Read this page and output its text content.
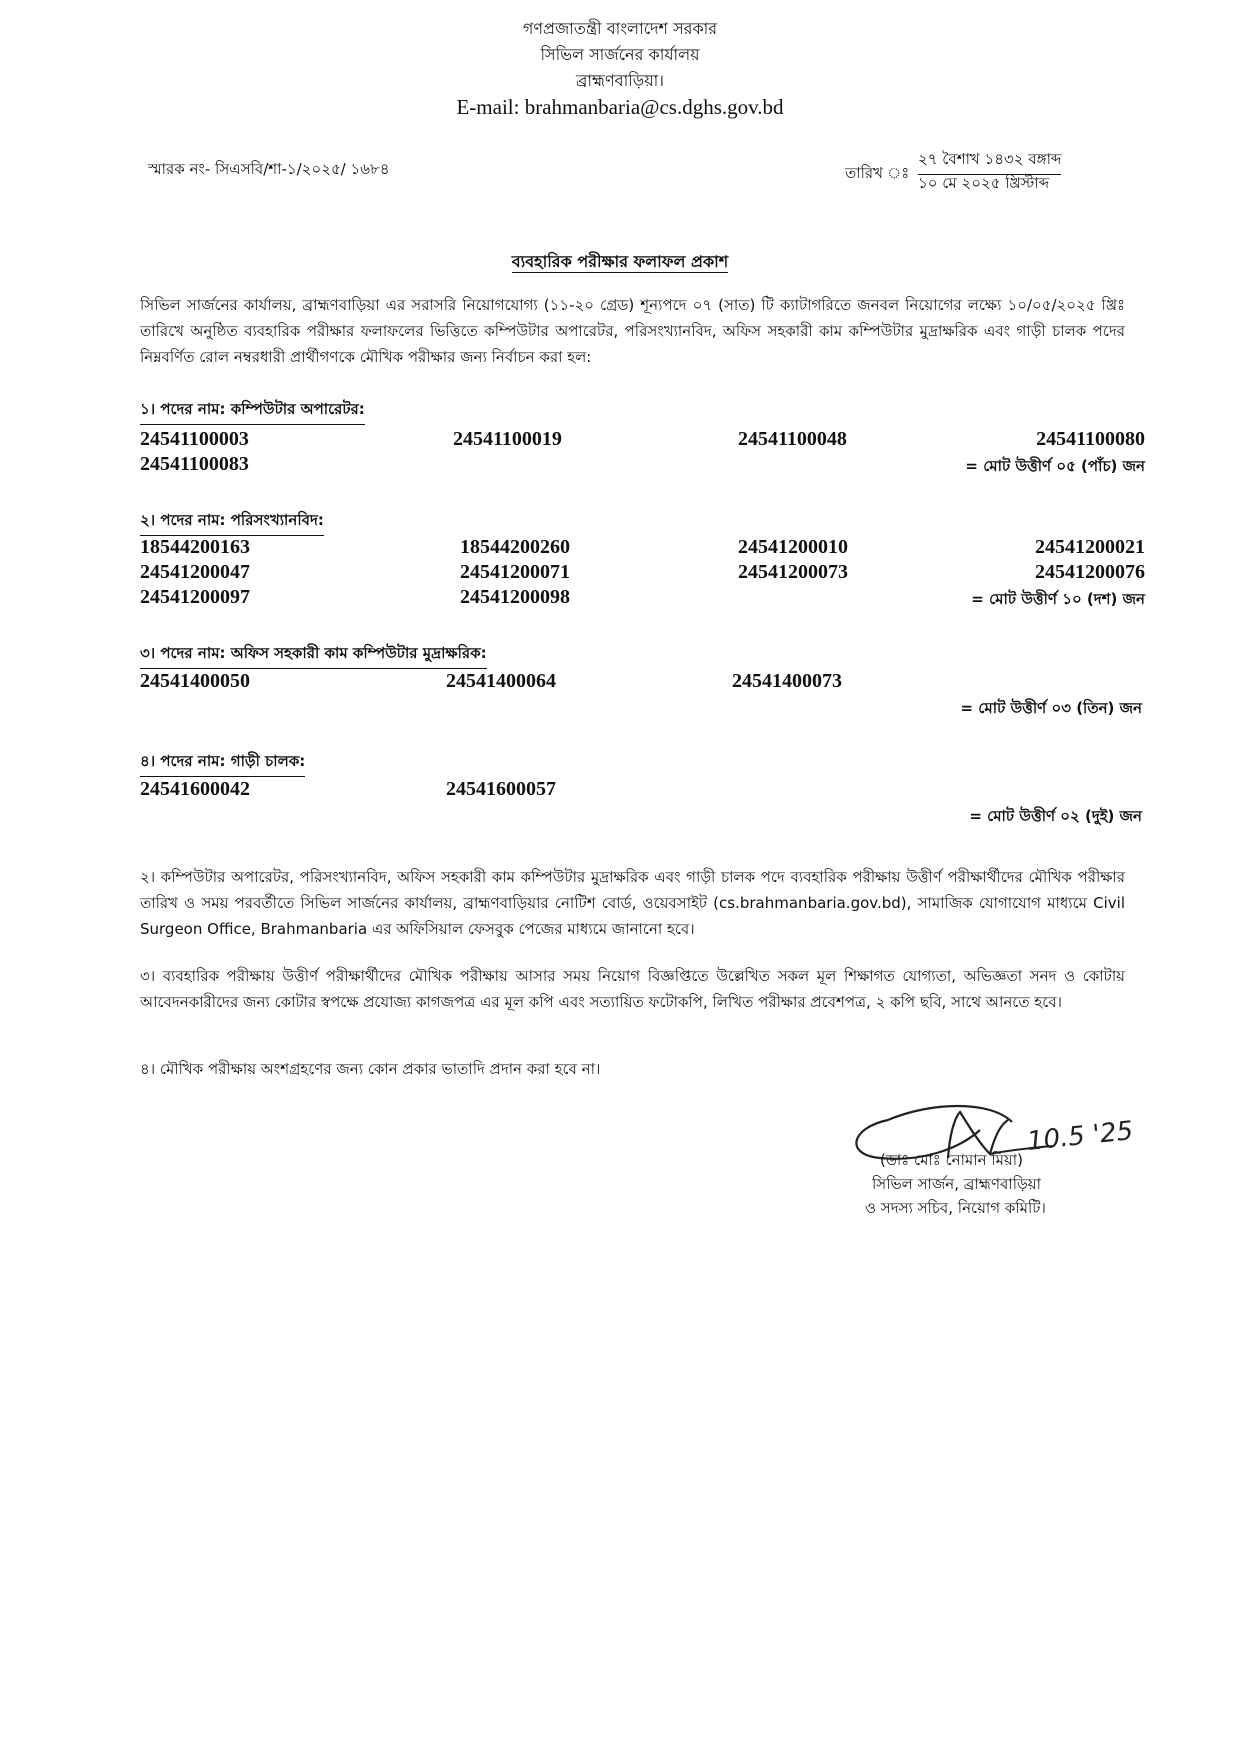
গণপ্রজাতন্ত্রী বাংলাদেশ সরকার
সিভিল সার্জনের কার্যালয়
ব্রাহ্মণবাড়িয়া।
E-mail: brahmanbaria@cs.dghs.gov.bd
স্মারক নং- সিএসবি/শা-১/২০২৫/ ১৬৮৪	তারিখ ঃ
২৭ বৈশাখ ১৪৩২ বঙ্গাব্দ
১০ মে ২০২৫ খ্রিস্টাব্দ
ব্যবহারিক পরীক্ষার ফলাফল প্রকাশ
সিভিল সার্জনের কার্যালয়, ব্রাহ্মণবাড়িয়া এর সরাসরি নিয়োগযোগ্য (১১-২০ গ্রেড) শূন্যপদে ০৭ (সাত) টি ক্যাটাগরিতে জনবল নিয়োগের লক্ষ্যে ১০/০৫/২০২৫ খ্রিঃ তারিখে অনুষ্ঠিত ব্যবহারিক পরীক্ষার ফলাফলের ভিত্তিতে কম্পিউটার অপারেটর, পরিসংখ্যানবিদ, অফিস সহকারী কাম কম্পিউটার মুদ্রাক্ষরিক এবং গাড়ী চালক পদের নিম্নবর্ণিত রোল নম্বরধারী প্রার্থীগণকে মৌখিক পরীক্ষার জন্য নির্বাচন করা হল:
১। পদের নাম: কম্পিউটার অপারেটর:
24541100003	24541100019	24541100048	24541100080
24541100083	= মোট উত্তীর্ণ ০৫ (পাঁচ) জন
২। পদের নাম: পরিসংখ্যানবিদ:
18544200163	18544200260	24541200010	24541200021
24541200047	24541200071	24541200073	24541200076
24541200097	24541200098	= মোট উত্তীর্ণ ১০ (দশ) জন
৩। পদের নাম: অফিস সহকারী কাম কম্পিউটার মুদ্রাক্ষরিক:
24541400050	24541400064	24541400073
= মোট উত্তীর্ণ ০৩ (তিন) জন
৪। পদের নাম: গাড়ী চালক:
24541600042	24541600057
= মোট উত্তীর্ণ ০২ (দুই) জন
২। কম্পিউটার অপারেটর, পরিসংখ্যানবিদ, অফিস সহকারী কাম কম্পিউটার মুদ্রাক্ষরিক এবং গাড়ী চালক পদে ব্যবহারিক পরীক্ষায় উত্তীর্ণ পরীক্ষার্থীদের মৌখিক পরীক্ষার তারিখ ও সময় পরবর্তীতে সিভিল সার্জনের কার্যালয়, ব্রাহ্মণবাড়িয়ার নোটিশ বোর্ড, ওয়েবসাইট (cs.brahmanbaria.gov.bd), সামাজিক যোগাযোগ মাধ্যমে Civil Surgeon Office, Brahmanbaria এর অফিসিয়াল ফেসবুক পেজের মাধ্যমে জানানো হবে।
৩। ব্যবহারিক পরীক্ষায় উত্তীর্ণ পরীক্ষার্থীদের মৌখিক পরীক্ষায় আসার সময় নিয়োগ বিজ্ঞপ্তিতে উল্লেখিত সকল মূল শিক্ষাগত যোগ্যতা, অভিজ্ঞতা সনদ ও কোটায় আবেদনকারীদের জন্য কোটার স্বপক্ষে প্রযোজ্য কাগজপত্র এর মূল কপি এবং সত্যায়িত ফটোকপি, লিখিত পরীক্ষার প্রবেশপত্র, ২ কপি ছবি, সাথে আনতে হবে।
৪। মৌখিক পরীক্ষায় অংশগ্রহণের জন্য কোন প্রকার ভাতাদি প্রদান করা হবে না।
10.5 '25
(ডাঃ মোঃ নোমান মিয়া)
সিভিল সার্জন, ব্রাহ্মণবাড়িয়া
ও সদস্য সচিব, নিয়োগ কমিটি।
